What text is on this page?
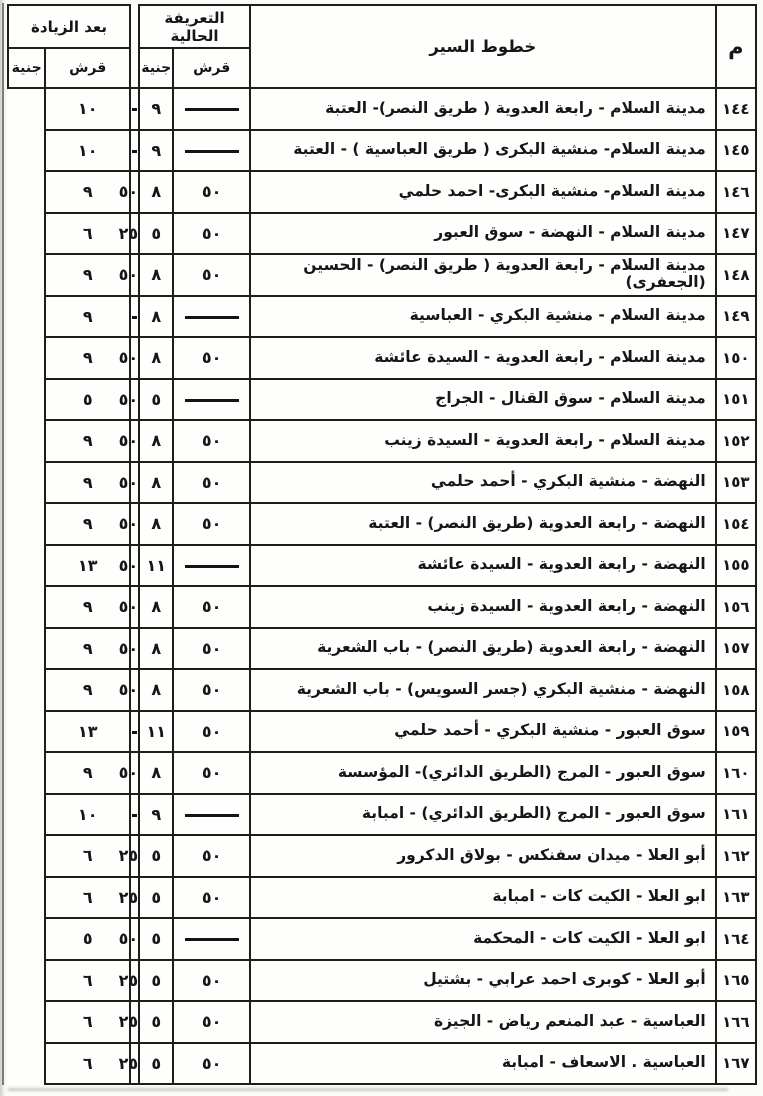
م	خطوط السير	التعريفة الحالية			بعد الزيادة	
		قرش	جنية		قرش	جنية
١٤٤	مدينة السلام - رابعة العدوية ( طريق النصر)- العتبة		٩		١٠	
١٤٥	مدينة السلام- منشية البكرى ( طريق العباسية ) - العتبة		٩		١٠	
١٤٦	مدينة السلام- منشية البكرى- احمد حلمي	٥٠	٨	٥٠	٩	
١٤٧	مدينة السلام - النهضة - سوق العبور	٥٠	٥	٢٥	٦	
١٤٨	مدينة السلام - رابعة العدوية ( طريق النصر) - الحسين (الجعفرى)	٥٠	٨	٥٠	٩	
١٤٩	مدينة السلام - منشية البكري - العباسية		٨		٩	
١٥٠	مدينة السلام - رابعة العدوية - السيدة عائشة	٥٠	٨	٥٠	٩	
١٥١	مدينة السلام - سوق القنال - الجراج		٥	٥٠	٥	
١٥٢	مدينة السلام - رابعة العدوية - السيدة زينب	٥٠	٨	٥٠	٩	
١٥٣	النهضة - منشية البكري - أحمد حلمي	٥٠	٨	٥٠	٩	
١٥٤	النهضة - رابعة العدوية (طريق النصر) - العتبة	٥٠	٨	٥٠	٩	
١٥٥	النهضة - رابعة العدوية - السيدة عائشة		١١	٥٠	١٣	
١٥٦	النهضة - رابعة العدوية - السيدة زينب	٥٠	٨	٥٠	٩	
١٥٧	النهضة - رابعة العدوية (طريق النصر) - باب الشعرية	٥٠	٨	٥٠	٩	
١٥٨	النهضة - منشية البكري (جسر السويس) - باب الشعرية	٥٠	٨	٥٠	٩	
١٥٩	سوق العبور - منشية البكري - أحمد حلمي	٥٠	١١		١٣	
١٦٠	سوق العبور - المرج (الطريق الدائري)- المؤسسة	٥٠	٨	٥٠	٩	
١٦١	سوق العبور - المرج (الطريق الدائري) - امبابة		٩		١٠	
١٦٢	أبو العلا - ميدان سفنكس - بولاق الدكرور	٥٠	٥	٢٥	٦	
١٦٣	ابو العلا - الكيت كات - امبابة	٥٠	٥	٢٥	٦	
١٦٤	ابو العلا - الكيت كات - المحكمة		٥	٥٠	٥	
١٦٥	أبو العلا - كوبرى احمد عرابي - بشتيل	٥٠	٥	٢٥	٦	
١٦٦	العباسية - عبد المنعم رياض - الجيزة	٥٠	٥	٢٥	٦	
١٦٧	العباسية . الاسعاف - امبابة	٥٠	٥	٢٥	٦	
